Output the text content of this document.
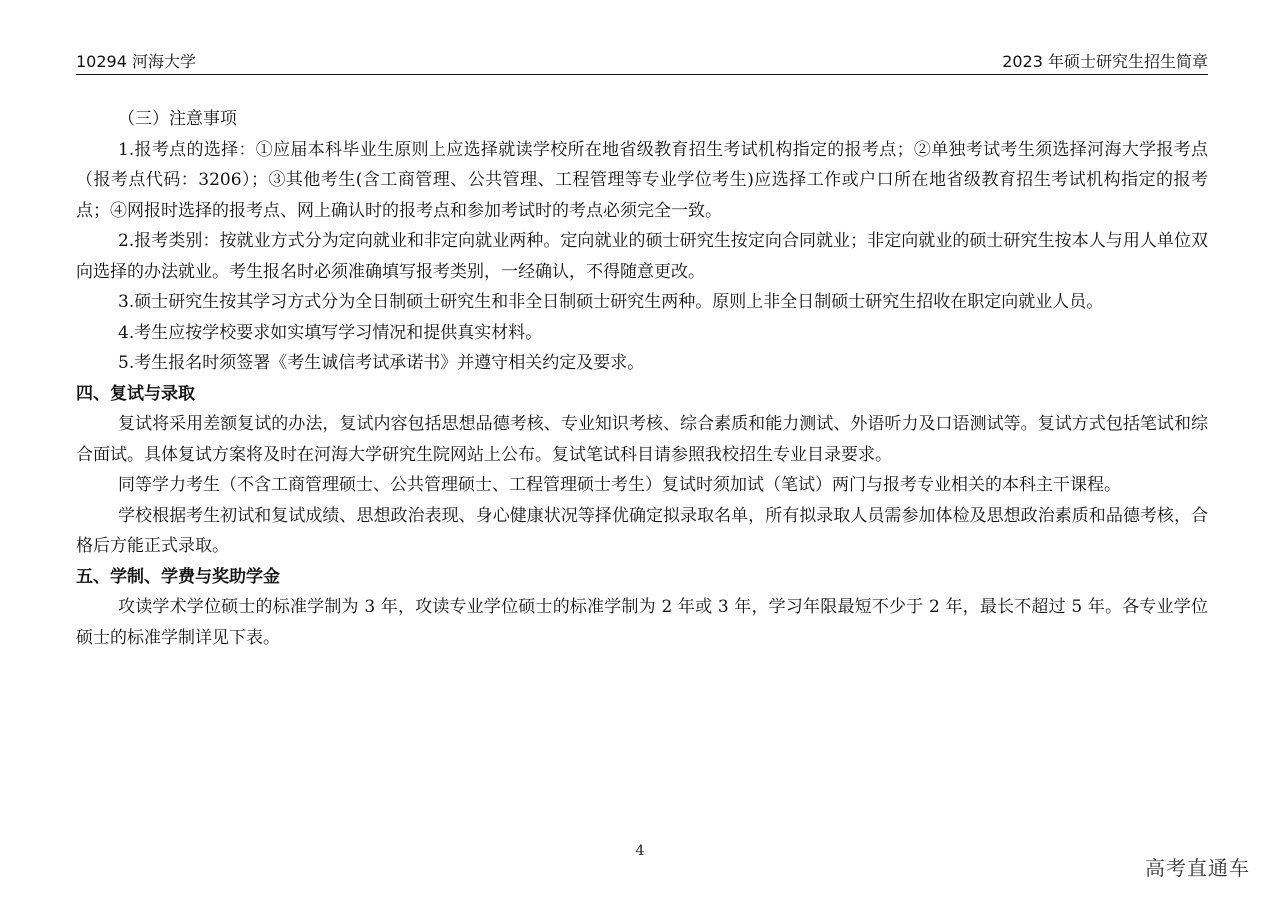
10294 河海大学	2023 年硕士研究生招生简章

（三）注意事项

1.报考点的选择：①应届本科毕业生原则上应选择就读学校所在地省级教育招生考试机构指定的报考点；②单独考试考生须选择河海大学报考点（报考点代码：3206）；③其他考生(含工商管理、公共管理、工程管理等专业学位考生)应选择工作或户口所在地省级教育招生考试机构指定的报考点；④网报时选择的报考点、网上确认时的报考点和参加考试时的考点必须完全一致。

2.报考类别：按就业方式分为定向就业和非定向就业两种。定向就业的硕士研究生按定向合同就业；非定向就业的硕士研究生按本人与用人单位双向选择的办法就业。考生报名时必须准确填写报考类别，一经确认，不得随意更改。

3.硕士研究生按其学习方式分为全日制硕士研究生和非全日制硕士研究生两种。原则上非全日制硕士研究生招收在职定向就业人员。

4.考生应按学校要求如实填写学习情况和提供真实材料。

5.考生报名时须签署《考生诚信考试承诺书》并遵守相关约定及要求。

四、复试与录取

复试将采用差额复试的办法，复试内容包括思想品德考核、专业知识考核、综合素质和能力测试、外语听力及口语测试等。复试方式包括笔试和综合面试。具体复试方案将及时在河海大学研究生院网站上公布。复试笔试科目请参照我校招生专业目录要求。

同等学力考生（不含工商管理硕士、公共管理硕士、工程管理硕士考生）复试时须加试（笔试）两门与报考专业相关的本科主干课程。

学校根据考生初试和复试成绩、思想政治表现、身心健康状况等择优确定拟录取名单，所有拟录取人员需参加体检及思想政治素质和品德考核，合格后方能正式录取。

五、学制、学费与奖助学金

攻读学术学位硕士的标准学制为 3 年，攻读专业学位硕士的标准学制为 2 年或 3 年，学习年限最短不少于 2 年，最长不超过 5 年。各专业学位硕士的标准学制详见下表。

4
高考直通车
